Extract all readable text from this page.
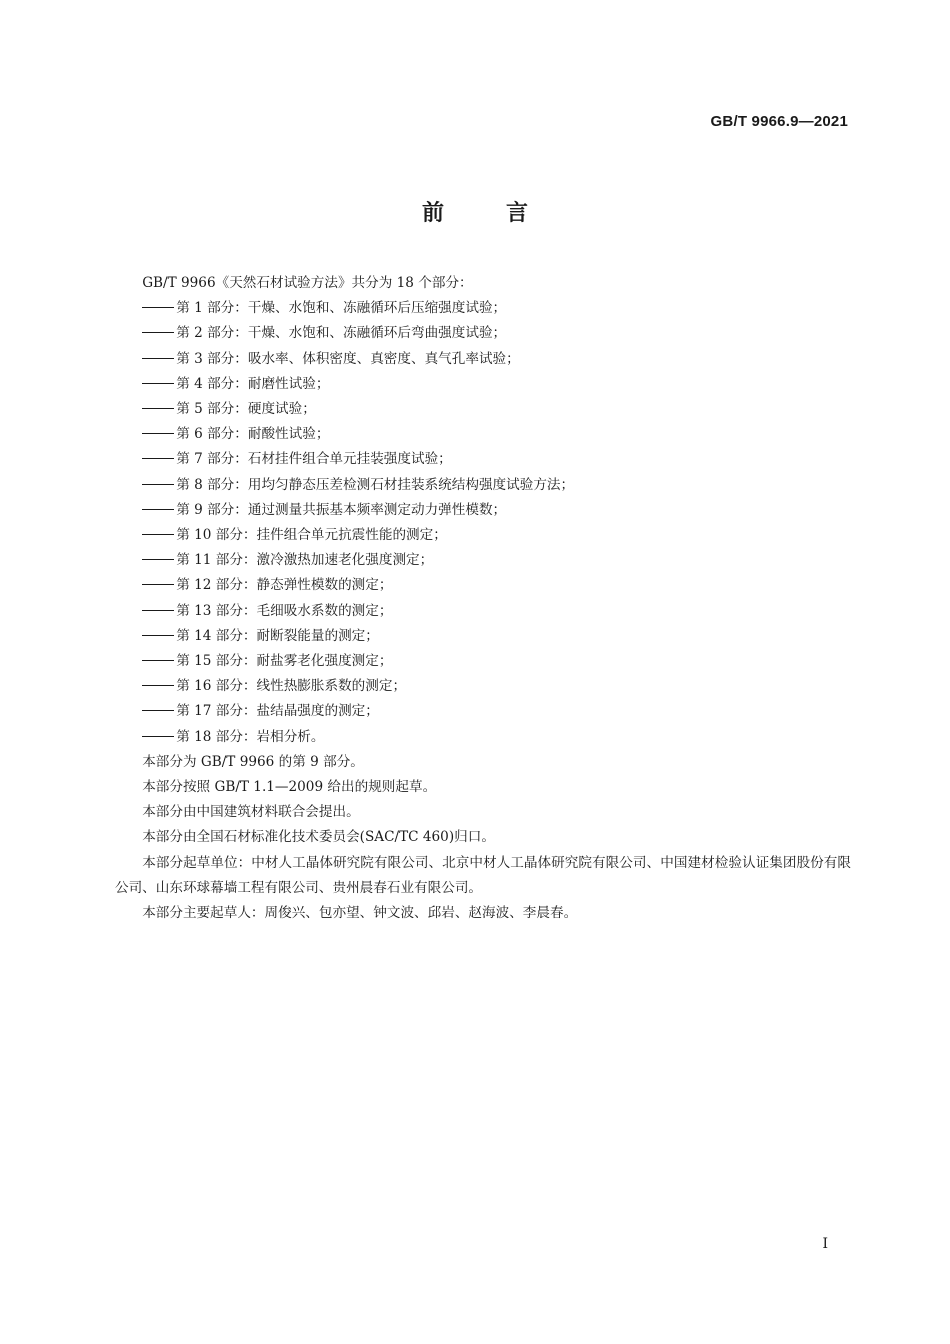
GB/T 9966.9—2021
前言

GB/T 9966《天然石材试验方法》共分为 18 个部分：

第 1 部分：干燥、水饱和、冻融循环后压缩强度试验；
第 2 部分：干燥、水饱和、冻融循环后弯曲强度试验；
第 3 部分：吸水率、体积密度、真密度、真气孔率试验；
第 4 部分：耐磨性试验；
第 5 部分：硬度试验；
第 6 部分：耐酸性试验；
第 7 部分：石材挂件组合单元挂装强度试验；
第 8 部分：用均匀静态压差检测石材挂装系统结构强度试验方法；
第 9 部分：通过测量共振基本频率测定动力弹性模数；
第 10 部分：挂件组合单元抗震性能的测定；
第 11 部分：激冷激热加速老化强度测定；
第 12 部分：静态弹性模数的测定；
第 13 部分：毛细吸水系数的测定；
第 14 部分：耐断裂能量的测定；
第 15 部分：耐盐雾老化强度测定；
第 16 部分：线性热膨胀系数的测定；
第 17 部分：盐结晶强度的测定；
第 18 部分：岩相分析。

本部分为 GB/T 9966 的第 9 部分。

本部分按照 GB/T 1.1—2009 给出的规则起草。

本部分由中国建筑材料联合会提出。

本部分由全国石材标准化技术委员会(SAC/TC 460)归口。

本部分起草单位：中材人工晶体研究院有限公司、北京中材人工晶体研究院有限公司、中国建材检验认证集团股份有限公司、山东环球幕墙工程有限公司、贵州晨春石业有限公司。

本部分主要起草人：周俊兴、包亦望、钟文波、邱岩、赵海波、李晨春。

I
